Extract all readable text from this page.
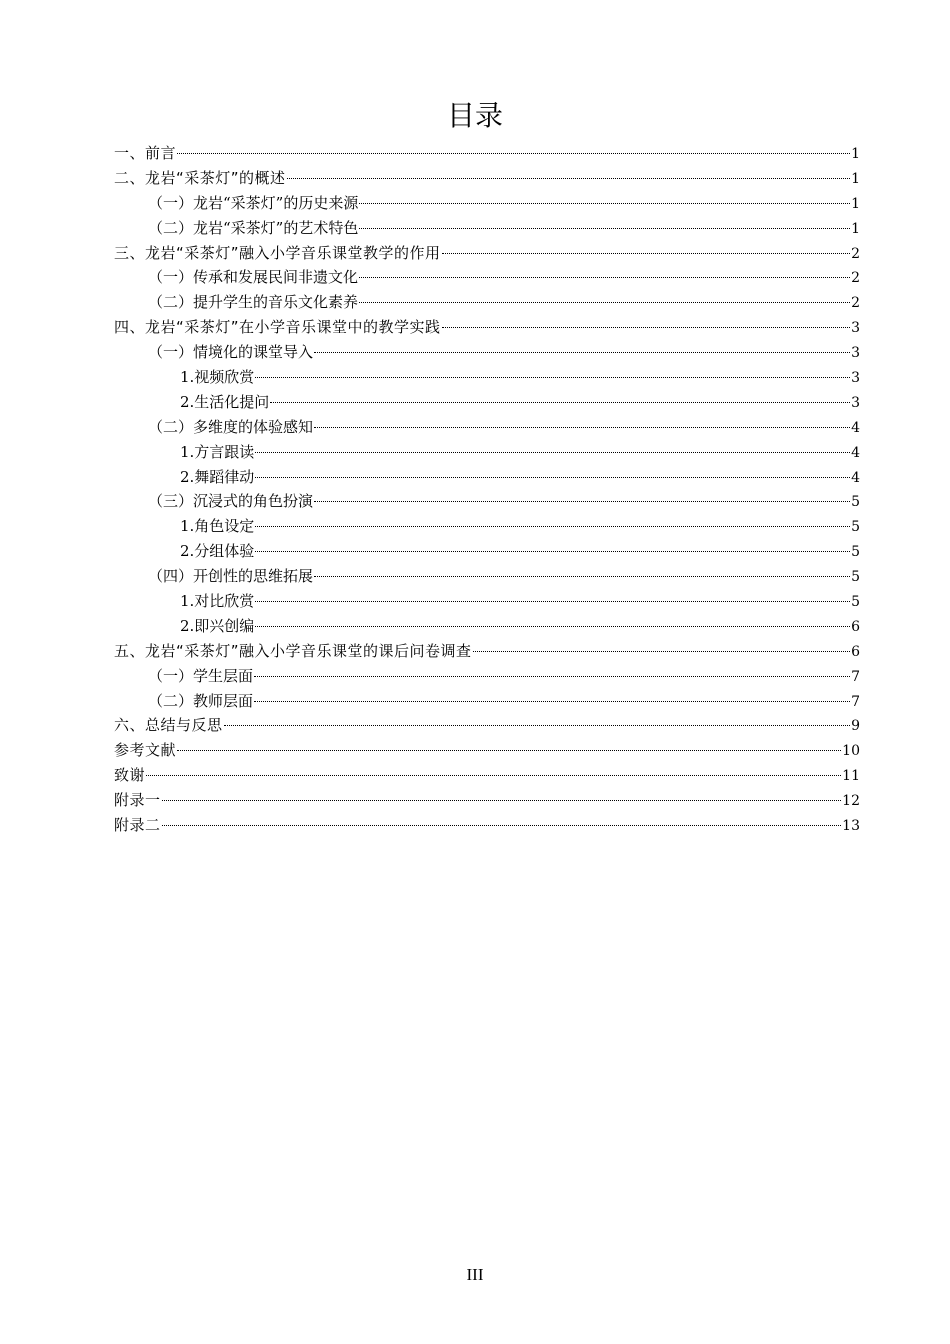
目录
一、前言	1
二、龙岩“采茶灯”的概述	1
（一）龙岩“采茶灯”的历史来源	1
（二）龙岩“采茶灯”的艺术特色	1
三、龙岩“采茶灯”融入小学音乐课堂教学的作用	2
（一）传承和发展民间非遗文化	2
（二）提升学生的音乐文化素养	2
四、龙岩“采茶灯”在小学音乐课堂中的教学实践	3
（一）情境化的课堂导入	3
1.视频欣赏	3
2.生活化提问	3
（二）多维度的体验感知	4
1.方言跟读	4
2.舞蹈律动	4
（三）沉浸式的角色扮演	5
1.角色设定	5
2.分组体验	5
（四）开创性的思维拓展	5
1.对比欣赏	5
2.即兴创编	6
五、龙岩“采茶灯”融入小学音乐课堂的课后问卷调查	6
（一）学生层面	7
（二）教师层面	7
六、总结与反思	9
参考文献	10
致谢	11
附录一	12
附录二	13
III
